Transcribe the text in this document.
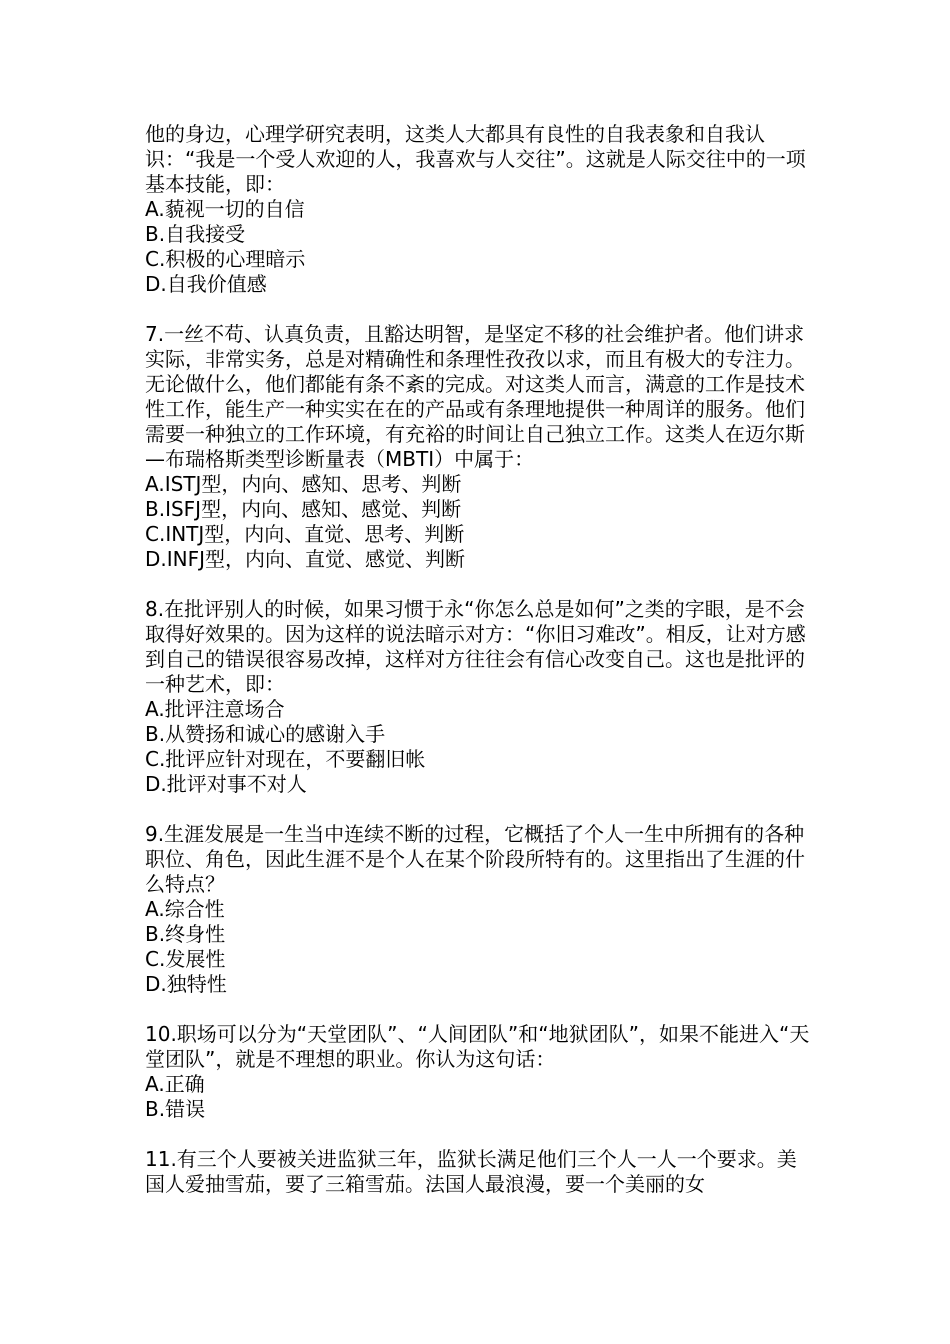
他的身边，心理学研究表明，这类人大都具有良性的自我表象和自我认识：“我是一个受人欢迎的人，我喜欢与人交往”。这就是人际交往中的一项基本技能，即：

A.藐视一切的自信

B.自我接受

C.积极的心理暗示

D.自我价值感

7.一丝不苟、认真负责，且豁达明智，是坚定不移的社会维护者。他们讲求实际，非常实务，总是对精确性和条理性孜孜以求，而且有极大的专注力。无论做什么，他们都能有条不紊的完成。对这类人而言，满意的工作是技术性工作，能生产一种实实在在的产品或有条理地提供一种周详的服务。他们需要一种独立的工作环境，有充裕的时间让自己独立工作。这类人在迈尔斯—布瑞格斯类型诊断量表（MBTI）中属于：

A.ISTJ型，内向、感知、思考、判断

B.ISFJ型，内向、感知、感觉、判断

C.INTJ型，内向、直觉、思考、判断

D.INFJ型，内向、直觉、感觉、判断

8.在批评别人的时候，如果习惯于永“你怎么总是如何”之类的字眼，是不会取得好效果的。因为这样的说法暗示对方：“你旧习难改”。相反，让对方感到自己的错误很容易改掉，这样对方往往会有信心改变自己。这也是批评的一种艺术，即：

A.批评注意场合

B.从赞扬和诚心的感谢入手

C.批评应针对现在，不要翻旧帐

D.批评对事不对人

9.生涯发展是一生当中连续不断的过程，它概括了个人一生中所拥有的各种职位、角色，因此生涯不是个人在某个阶段所特有的。这里指出了生涯的什么特点？

A.综合性

B.终身性

C.发展性

D.独特性

10.职场可以分为“天堂团队”、“人间团队”和“地狱团队”，如果不能进入“天堂团队”，就是不理想的职业。你认为这句话：

A.正确

B.错误

11.有三个人要被关进监狱三年，监狱长满足他们三个人一人一个要求。美国人爱抽雪茄，要了三箱雪茄。法国人最浪漫，要一个美丽的女
